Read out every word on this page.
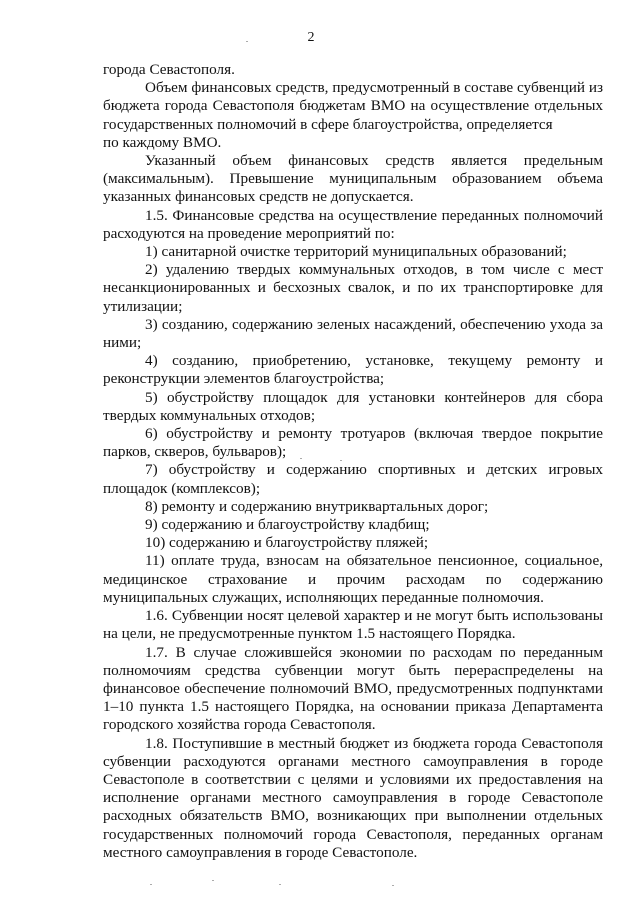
2

города Севастополя.

Объем финансовых средств, предусмотренный в составе субвенций из бюджета города Севастополя бюджетам ВМО на осуществление отдельных государственных полномочий в сфере благоустройства, определяется

по каждому ВМО.

Указанный объем финансовых средств является предельным (максимальным). Превышение муниципальным образованием объема указанных финансовых средств не допускается.

1.5. Финансовые средства на осуществление переданных полномочий расходуются на проведение мероприятий по:

1) санитарной очистке территорий муниципальных образований;

2) удалению твердых коммунальных отходов, в том числе с мест несанкционированных и бесхозных свалок, и по их транспортировке для утилизации;

3) созданию, содержанию зеленых насаждений, обеспечению ухода за ними;

4) созданию, приобретению, установке, текущему ремонту и реконструкции элементов благоустройства;

5) обустройству площадок для установки контейнеров для сбора твердых коммунальных отходов;

6) обустройству и ремонту тротуаров (включая твердое покрытие парков, скверов, бульваров);

7) обустройству и содержанию спортивных и детских игровых площадок (комплексов);

8) ремонту и содержанию внутриквартальных дорог;

9) содержанию и благоустройству кладбищ;

10) содержанию и благоустройству пляжей;

11) оплате труда, взносам на обязательное пенсионное, социальное, медицинское страхование и прочим расходам по содержанию муниципальных служащих, исполняющих переданные полномочия.

1.6. Субвенции носят целевой характер и не могут быть использованы на цели, не предусмотренные пунктом 1.5 настоящего Порядка.

1.7. В случае сложившейся экономии по расходам по переданным полномочиям средства субвенции могут быть перераспределены на финансовое обеспечение полномочий ВМО, предусмотренных подпунктами 1–10 пункта 1.5 настоящего Порядка, на основании приказа Департамента городского хозяйства города Севастополя.

1.8. Поступившие в местный бюджет из бюджета города Севастополя субвенции расходуются органами местного самоуправления в городе Севастополе в соответствии с целями и условиями их предоставления на исполнение органами местного самоуправления в городе Севастополе расходных обязательств ВМО, возникающих при выполнении отдельных государственных полномочий города Севастополя, переданных органам местного самоуправления в городе Севастополе.
